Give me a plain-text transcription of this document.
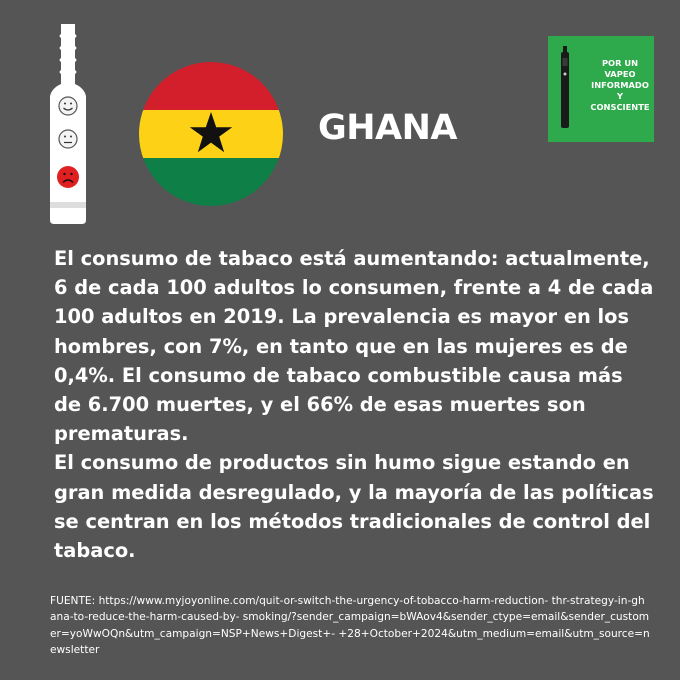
GHANA
POR UN VAPEO INFORMADO Y CONSCIENTE

El consumo de tabaco está aumentando: actualmente, 6 de cada 100 adultos lo consumen, frente a 4 de cada 100 adultos en 2019. La prevalencia es mayor en los hombres, con 7%, en tanto que en las mujeres es de 0,4%. El consumo de tabaco combustible causa más de 6.700 muertes, y el 66% de esas muertes son prematuras.

El consumo de productos sin humo sigue estando en gran medida desregulado, y la mayoría de las políticas se centran en los métodos tradicionales de control del tabaco.

FUENTE: https://www.myjoyonline.com/quit-or-switch-the-urgency-of-tobacco-harm-reduction- thr-strategy-in-ghana-to-reduce-the-harm-caused-by- smoking/?sender_campaign=bWAov4&sender_ctype=email&sender_customer=yoWwOQn&utm_campaign=NSP+News+Digest+- +28+October+2024&utm_medium=email&utm_source=newsletter
